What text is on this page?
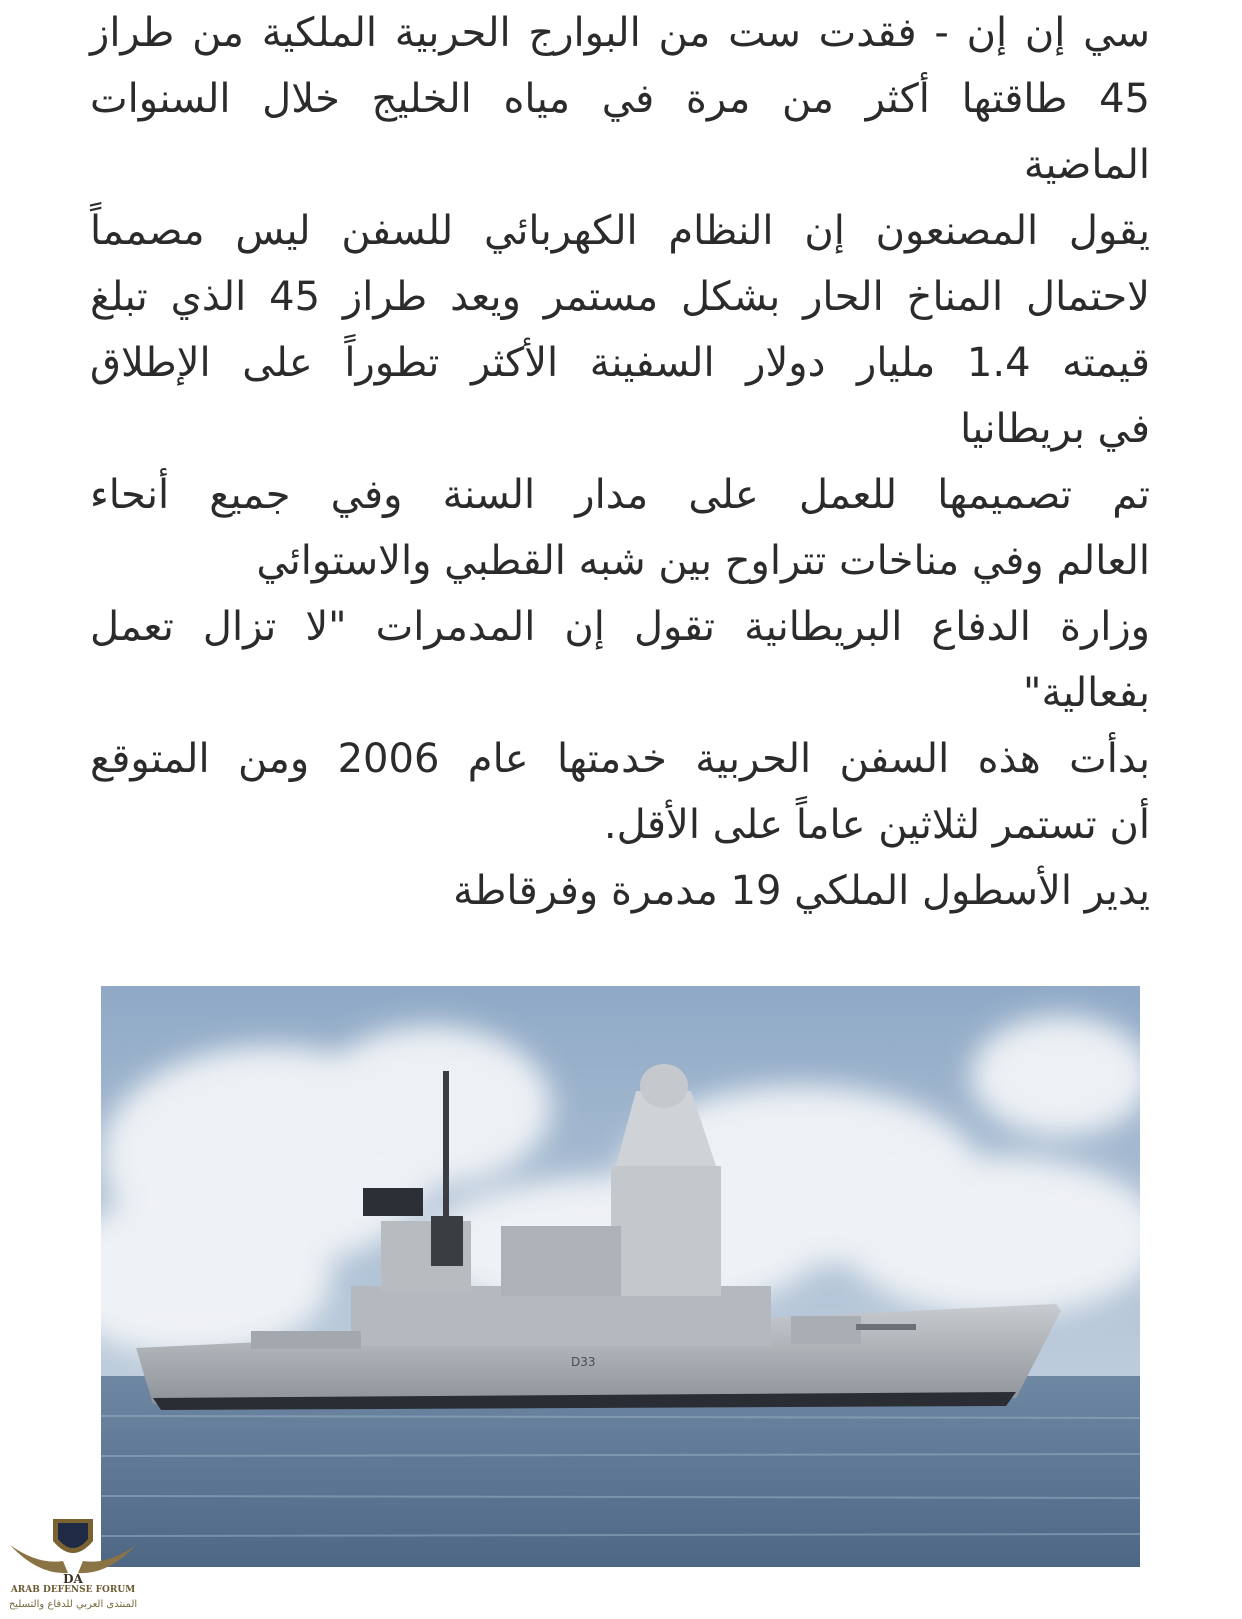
سي إن إن - فقدت ست من البوارج الحربية الملكية من طراز
45 طاقتها أكثر من مرة في مياه الخليج خلال السنوات
الماضية
يقول المصنعون إن النظام الكهربائي للسفن ليس مصمماً
لاحتمال المناخ الحار بشكل مستمر ويعد طراز 45 الذي تبلغ
قيمته 1.4 مليار دولار السفينة الأكثر تطوراً على الإطلاق
في بريطانيا
تم تصميمها للعمل على مدار السنة وفي جميع أنحاء
العالم وفي مناخات تتراوح بين شبه القطبي والاستوائي
وزارة الدفاع البريطانية تقول إن المدمرات "لا تزال تعمل
بفعالية"
بدأت هذه السفن الحربية خدمتها عام 2006 ومن المتوقع
أن تستمر لثلاثين عاماً على الأقل.
يدير الأسطول الملكي 19 مدمرة وفرقاطة
D33
DA
ARAB DEFENSE FORUM
المنتدى العربي للدفاع والتسليح
